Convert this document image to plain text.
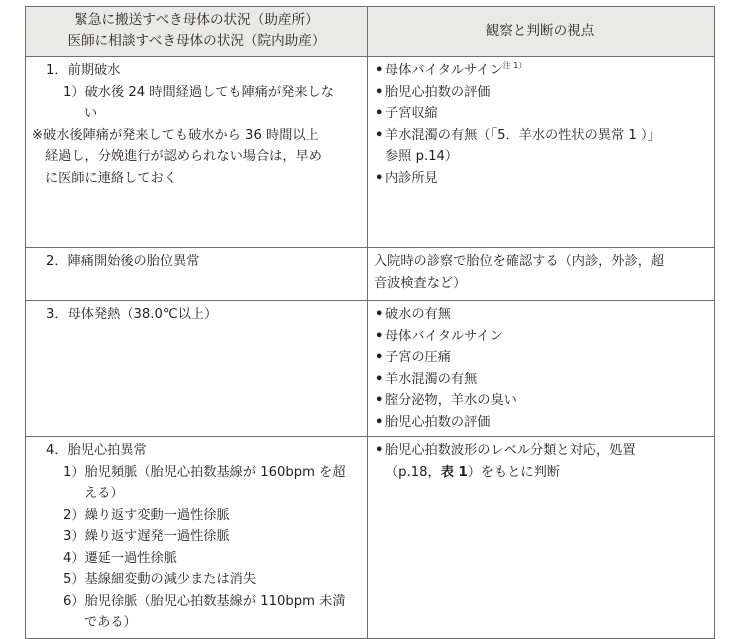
緊急に搬送すべき母体の状況（助産所）
医師に相談すべき母体の状況（院内助産）
観察と判断の視点
1．前期破水
1）破水後 24 時間経過しても陣痛が発来しな
い
※破水後陣痛が発来しても破水から 36 時間以上
経過し，分娩進行が認められない場合は，早め
に医師に連絡しておく
• 母体バイタルサイン$^{注 1)}$
• 胎児心拍数の評価
• 子宮収縮
• 羊水混濁の有無（「5．羊水の性状の異常 1 ）」
参照 p.14）
• 内診所見
2．陣痛開始後の胎位異常	入院時の診察で胎位を確認する（内診，外診，超
音波検査など）
3．母体発熱（38.0℃以上）	• 破水の有無
• 母体バイタルサイン
• 子宮の圧痛
• 羊水混濁の有無
• 腟分泌物，羊水の臭い
• 胎児心拍数の評価
4．胎児心拍異常
1）胎児頻脈（胎児心拍数基線が 160bpm を超
える）
2）繰り返す変動一過性徐脈
3）繰り返す遅発一過性徐脈
4）遷延一過性徐脈
5）基線細変動の減少または消失
6）胎児徐脈（胎児心拍数基線が 110bpm 未満
である）
• 胎児心拍数波形のレベル分類と対応，処置
（p.18，表 1）をもとに判断
